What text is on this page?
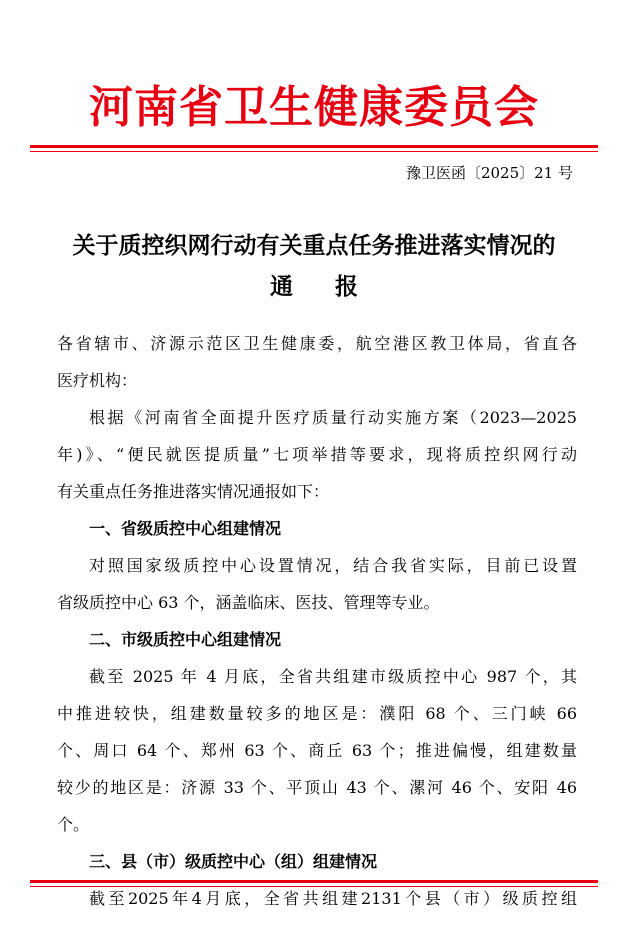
河南省卫生健康委员会
豫卫医函〔2025〕21 号
关于质控织网行动有关重点任务推进落实情况的
通报
各省辖市、济源示范区卫生健康委，航空港区教卫体局，省直各
医疗机构：
根据《河南省全面提升医疗质量行动实施方案（2023—2025
年)》、“便民就医提质量”七项举措等要求，现将质控织网行动
有关重点任务推进落实情况通报如下：
一、省级质控中心组建情况
对照国家级质控中心设置情况，结合我省实际，目前已设置
省级质控中心 63 个，涵盖临床、医技、管理等专业。
二、市级质控中心组建情况
截至 2025 年 4 月底，全省共组建市级质控中心 987 个，其
中推进较快，组建数量较多的地区是：濮阳 68 个、三门峡 66
个、周口 64 个、郑州 63 个、商丘 63 个；推进偏慢，组建数量
较少的地区是：济源 33 个、平顶山 43 个、漯河 46 个、安阳 46
个。
三、县（市）级质控中心（组）组建情况
截至2025年4月底，全省共组建2131个县（市）级质控组
